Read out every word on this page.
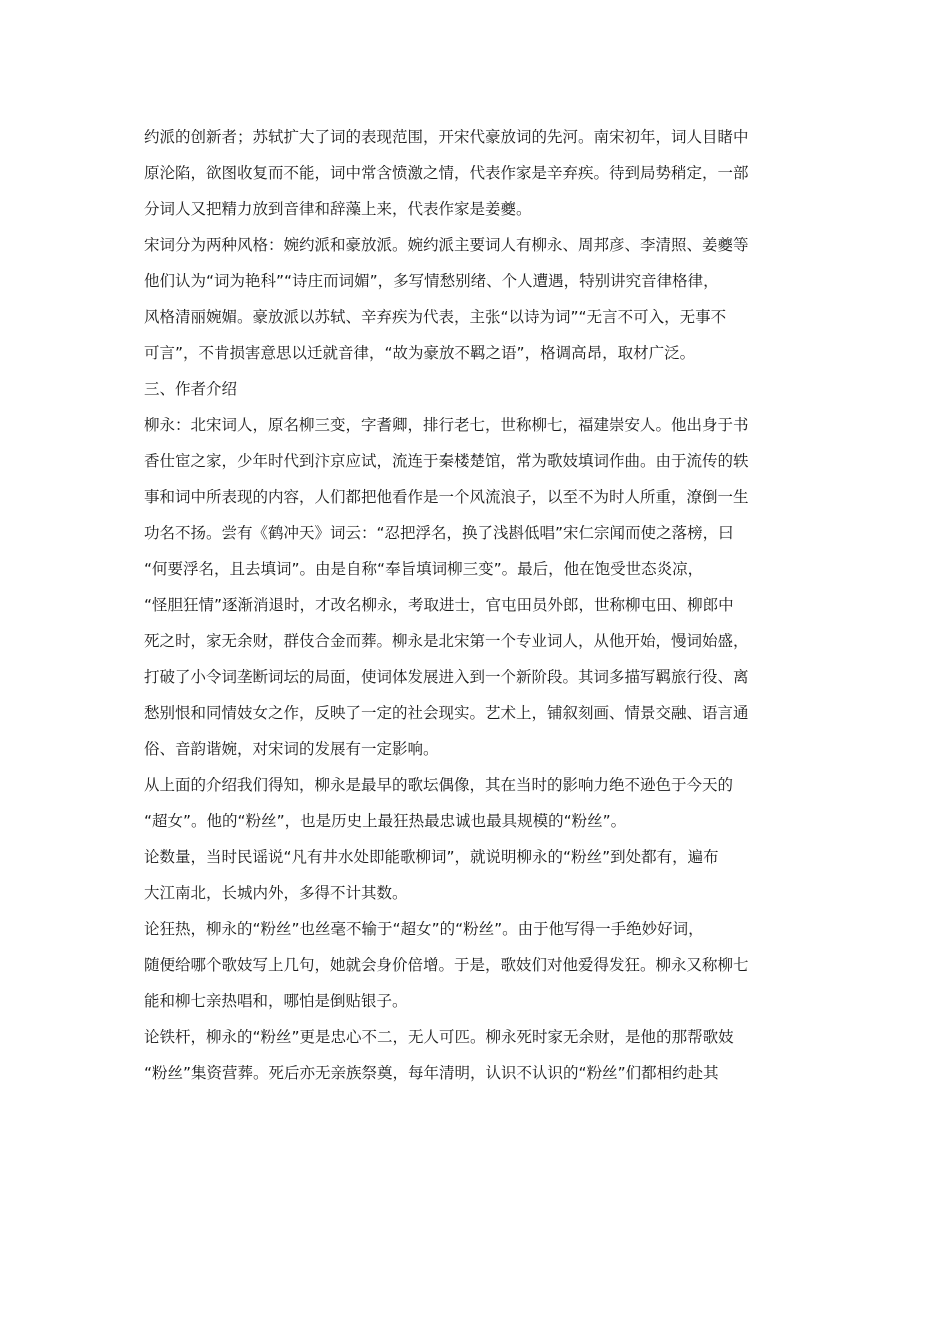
约派的创新者；苏轼扩大了词的表现范围，开宋代豪放词的先河。南宋初年，词人目睹中
原沦陷，欲图收复而不能，词中常含愤激之情，代表作家是辛弃疾。待到局势稍定，一部
分词人又把精力放到音律和辞藻上来，代表作家是姜夔。
宋词分为两种风格：婉约派和豪放派。婉约派主要词人有柳永、周邦彦、李清照、姜夔等
他们认为“词为艳科”“诗庄而词媚”，多写情愁别绪、个人遭遇，特别讲究音律格律，
风格清丽婉媚。豪放派以苏轼、辛弃疾为代表，主张“以诗为词”“无言不可入，无事不
可言”，不肯损害意思以迁就音律，“故为豪放不羁之语”，格调高昂，取材广泛。
三、作者介绍
柳永：北宋词人，原名柳三变，字耆卿，排行老七，世称柳七，福建崇安人。他出身于书
香仕宦之家，少年时代到汴京应试，流连于秦楼楚馆，常为歌妓填词作曲。由于流传的轶
事和词中所表现的内容，人们都把他看作是一个风流浪子，以至不为时人所重，潦倒一生
功名不扬。尝有《鹤冲天》词云：“忍把浮名，换了浅斟低唱”宋仁宗闻而使之落榜，曰
“何要浮名，且去填词”。由是自称“奉旨填词柳三变”。最后，他在饱受世态炎凉，
“怪胆狂情”逐渐消退时，才改名柳永，考取进士，官屯田员外郎，世称柳屯田、柳郎中
死之时，家无余财，群伎合金而葬。柳永是北宋第一个专业词人，从他开始，慢词始盛，
打破了小令词垄断词坛的局面，使词体发展进入到一个新阶段。其词多描写羁旅行役、离
愁别恨和同情妓女之作，反映了一定的社会现实。艺术上，铺叙刻画、情景交融、语言通
俗、音韵谐婉，对宋词的发展有一定影响。
从上面的介绍我们得知，柳永是最早的歌坛偶像，其在当时的影响力绝不逊色于今天的
“超女”。他的“粉丝”，也是历史上最狂热最忠诚也最具规模的“粉丝”。
论数量，当时民谣说“凡有井水处即能歌柳词”，就说明柳永的“粉丝”到处都有，遍布
大江南北，长城内外，多得不计其数。
论狂热，柳永的“粉丝”也丝毫不输于“超女”的“粉丝”。由于他写得一手绝妙好词，
随便给哪个歌妓写上几句，她就会身价倍增。于是，歌妓们对他爱得发狂。柳永又称柳七
能和柳七亲热唱和，哪怕是倒贴银子。
论铁杆，柳永的“粉丝”更是忠心不二，无人可匹。柳永死时家无余财，是他的那帮歌妓
“粉丝”集资营葬。死后亦无亲族祭奠，每年清明，认识不认识的“粉丝”们都相约赴其
